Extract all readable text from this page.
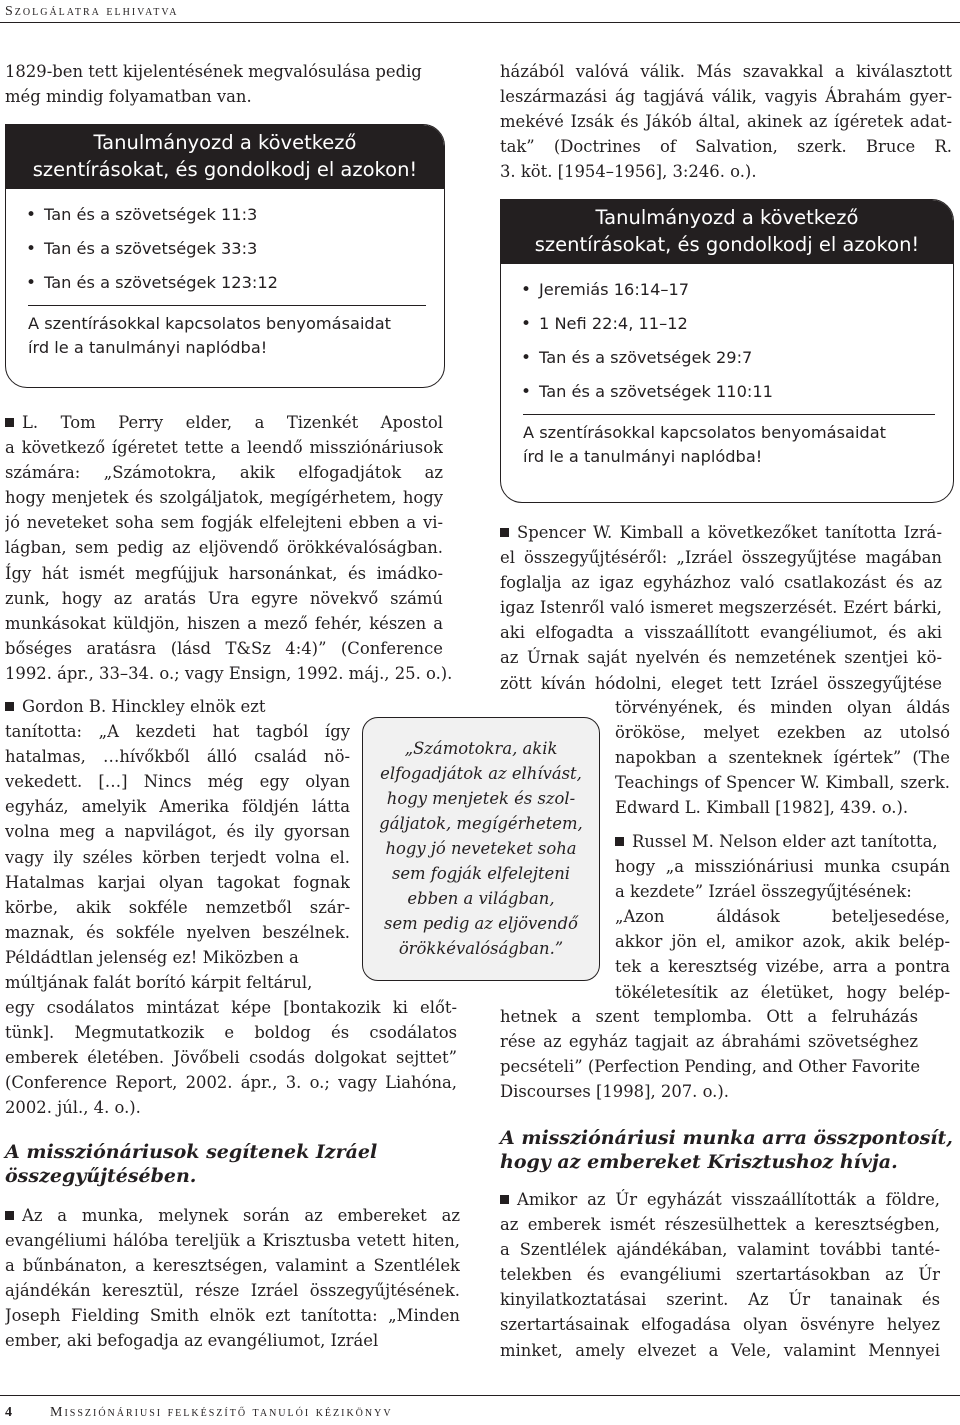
Szolgálatra elhivatva
1829-ben tett kijelentésének megvalósulása pedig
még mindig folyamatban van.
Tanulmányozd a következő
szentírásokat, és gondolkodj el azokon!
• Tan és a szövetségek 11:3
• Tan és a szövetségek 33:3
• Tan és a szövetségek 123:12
A szentírásokkal kapcsolatos benyomásaidat
írd le a tanulmányi naplódba!
L. Tom Perry elder, a Tizenkét Apostol
a következő ígéretet tette a leendő missziónáriusok
számára: „Számotokra, akik elfogadjátok az
hogy menjetek és szolgáljatok, megígérhetem, hogy
jó neveteket soha sem fogják elfelejteni ebben a vi-
lágban, sem pedig az eljövendő örökkévalóságban.
Így hát ismét megfújjuk harsonánkat, és imádko-
zunk, hogy az aratás Ura egyre növekvő számú
munkásokat küldjön, hiszen a mező fehér, készen a
bőséges aratásra (lásd T&Sz 4:4)” (Conference
1992. ápr., 33–34. o.; vagy Ensign, 1992. máj., 25. o.).
Gordon B. Hinckley elnök ezt
tanította: „A kezdeti hat tagból így
hatalmas, …hívőkből álló család nö-
vekedett. […] Nincs még egy olyan
egyház, amelyik Amerika földjén látta
volna meg a napvilágot, és ily gyorsan
vagy ily széles körben terjedt volna el.
Hatalmas karjai olyan tagokat fognak
körbe, akik sokféle nemzetből szár-
maznak, és sokféle nyelven beszélnek.
Példádtlan jelenség ez! Miközben a
múltjának falát borító kárpit feltárul,
egy csodálatos mintázat képe [bontakozik ki előt-
tünk]. Megmutatkozik e boldog és csodálatos
emberek életében. Jövőbeli csodás dolgokat sejttet”
(Conference Report, 2002. ápr., 3. o.; vagy Liahóna,
2002. júl., 4. o.).
A missziónáriusok segítenek Izráel
összegyűjtésében.
Az a munka, melynek során az embereket az
evangéliumi hálóba tereljük a Krisztusba vetett hiten,
a bűnbánaton, a keresztségen, valamint a Szentlélek
ajándékán keresztül, része Izráel összegyűjtésének.
Joseph Fielding Smith elnök ezt tanította: „Minden
ember, aki befogadja az evangéliumot, Izráel
„Számotokra, akik
elfogadjátok az elhívást,
hogy menjetek és szol-
gáljatok, megígérhetem,
hogy jó neveteket soha
sem fogják elfelejteni
ebben a világban,
sem pedig az eljövendő
örökkévalóságban.”
házából valóvá válik. Más szavakkal a kiválasztott
leszármazási ág tagjává válik, vagyis Ábrahám gyer-
mekévé Izsák és Jákób által, akinek az ígéretek adat-
tak” (Doctrines of Salvation, szerk. Bruce R.
3. köt. [1954–1956], 3:246. o.).
Tanulmányozd a következő
szentírásokat, és gondolkodj el azokon!
• Jeremiás 16:14–17
• 1 Nefi 22:4, 11–12
• Tan és a szövetségek 29:7
• Tan és a szövetségek 110:11
A szentírásokkal kapcsolatos benyomásaidat
írd le a tanulmányi naplódba!
Spencer W. Kimball a következőket tanította Izrá-
el összegyűjtéséről: „Izráel összegyűjtése magában
foglalja az igaz egyházhoz való csatlakozást és az
igaz Istenről való ismeret megszerzését. Ezért bárki,
aki elfogadta a visszaállított evangéliumot, és aki
az Úrnak saját nyelvén és nemzetének szentjei kö-
zött kíván hódolni, eleget tett Izráel összegyűjtése
törvényének, és minden olyan áldás
örököse, melyet ezekben az utolsó
napokban a szenteknek ígértek” (The
Teachings of Spencer W. Kimball, szerk.
Edward L. Kimball [1982], 439. o.).
Russel M. Nelson elder azt tanította,
hogy „a missziónáriusi munka csupán
a kezdete” Izráel összegyűjtésének:
„Azon áldások beteljesedése,
akkor jön el, amikor azok, akik belép-
tek a keresztség vizébe, arra a pontra
tökéletesítik az életüket, hogy belép-
hetnek a szent templomba. Ott a felruházás
rése az egyház tagjait az ábrahámi szövetséghez
pecsételi” (Perfection Pending, and Other Favorite
Discourses [1998], 207. o.).
A missziónáriusi munka arra összpontosít,
hogy az embereket Krisztushoz hívja.
Amikor az Úr egyházát visszaállították a földre,
az emberek ismét részesülhettek a keresztségben,
a Szentlélek ajándékában, valamint további tanté-
telekben és evangéliumi szertartásokban az Úr
kinyilatkoztatásai szerint. Az Úr tanainak és
szertartásainak elfogadása olyan ösvényre helyez
minket, amely elvezet a Vele, valamint Mennyei
4	Missziónáriusi felkészítő tanulói kézikönyv
